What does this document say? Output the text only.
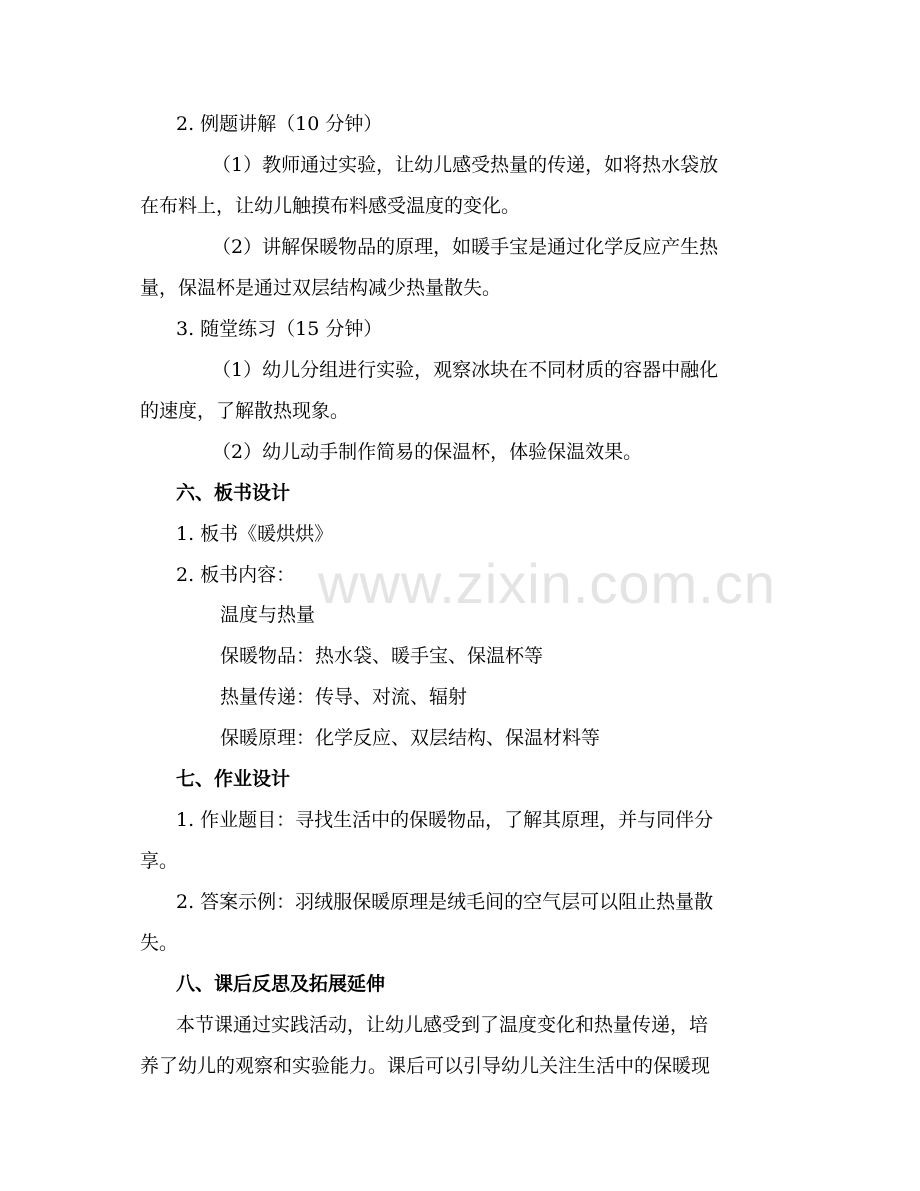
www.zixin.com.cn
2. 例题讲解（10 分钟）
（1）教师通过实验，让幼儿感受热量的传递，如将热水袋放
在布料上，让幼儿触摸布料感受温度的变化。
（2）讲解保暖物品的原理，如暖手宝是通过化学反应产生热
量，保温杯是通过双层结构减少热量散失。
3. 随堂练习（15 分钟）
（1）幼儿分组进行实验，观察冰块在不同材质的容器中融化
的速度，了解散热现象。
（2）幼儿动手制作简易的保温杯，体验保温效果。
六、板书设计
1. 板书《暖烘烘》
2. 板书内容：
温度与热量
保暖物品：热水袋、暖手宝、保温杯等
热量传递：传导、对流、辐射
保暖原理：化学反应、双层结构、保温材料等
七、作业设计
1. 作业题目：寻找生活中的保暖物品，了解其原理，并与同伴分
享。
2. 答案示例：羽绒服保暖原理是绒毛间的空气层可以阻止热量散
失。
八、课后反思及拓展延伸
本节课通过实践活动，让幼儿感受到了温度变化和热量传递，培
养了幼儿的观察和实验能力。课后可以引导幼儿关注生活中的保暖现
